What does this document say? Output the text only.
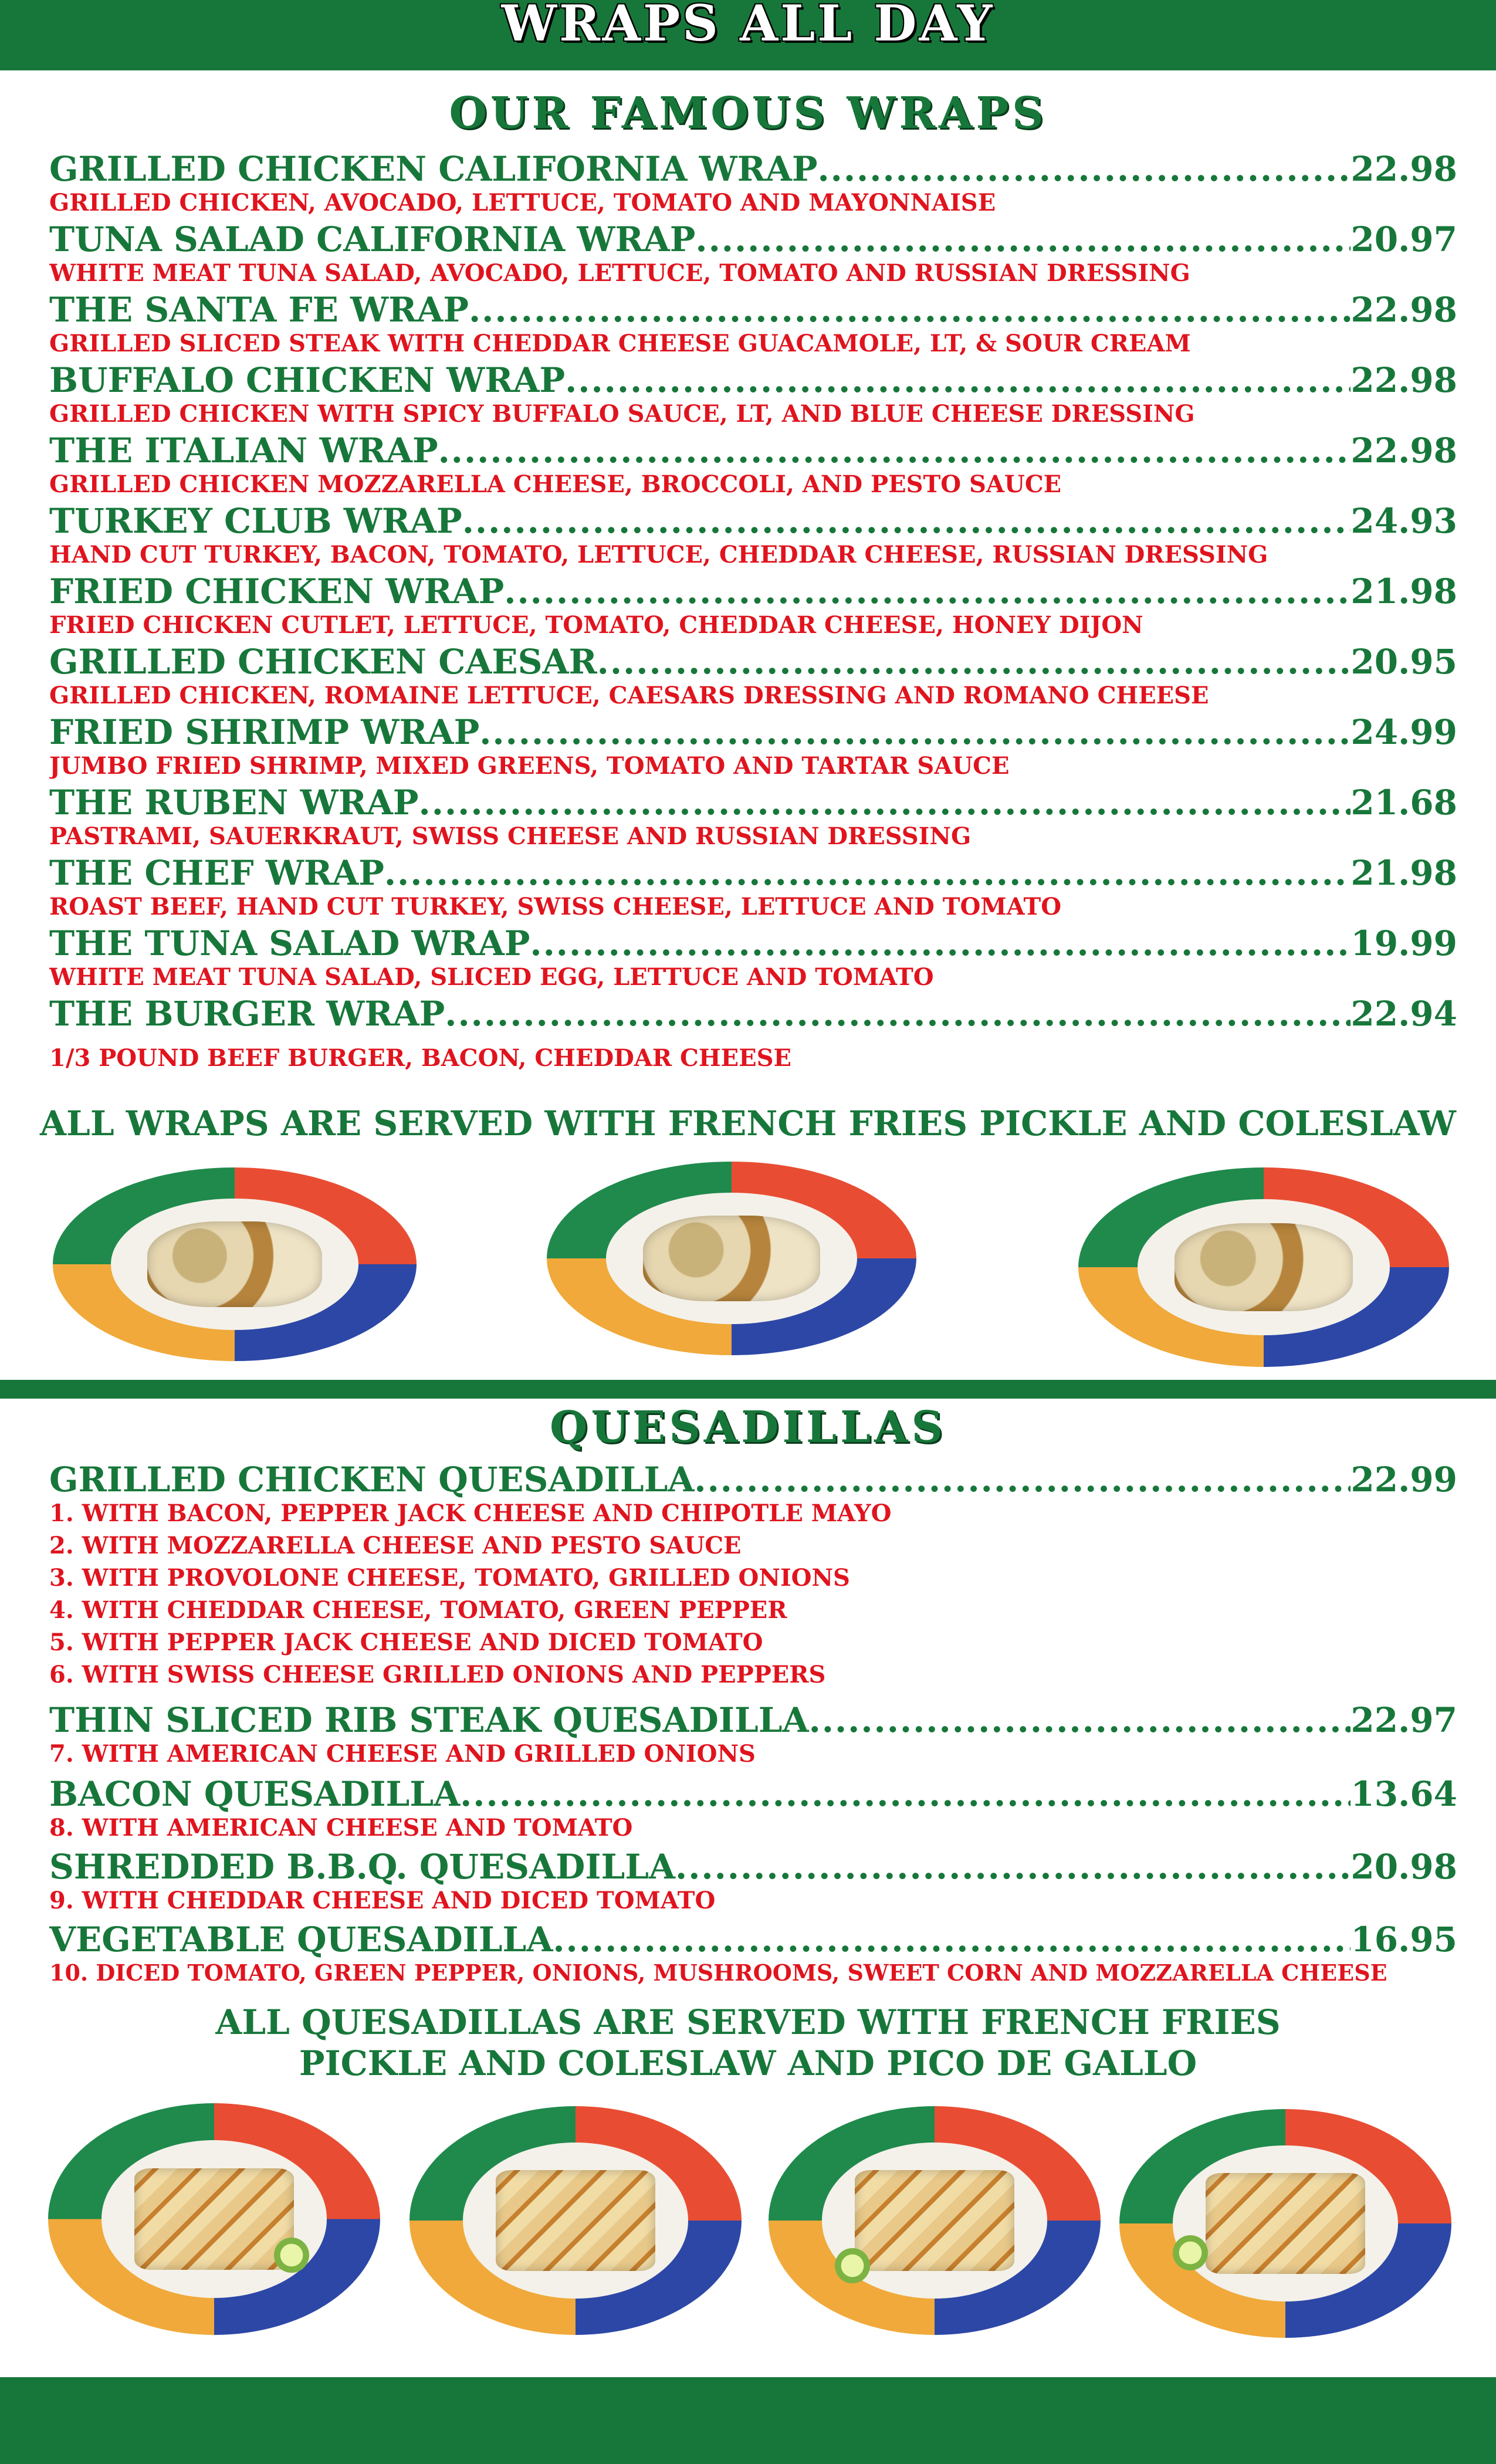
WRAPS ALL DAY
OUR FAMOUS WRAPS
GRILLED CHICKEN CALIFORNIA WRAP .....	22.98
GRILLED CHICKEN, AVOCADO, LETTUCE, TOMATO AND MAYONNAISE
TUNA SALAD CALIFORNIA WRAP .....	20.97
WHITE MEAT TUNA SALAD, AVOCADO, LETTUCE, TOMATO AND RUSSIAN DRESSING
THE SANTA FE WRAP .....	22.98
GRILLED SLICED STEAK WITH CHEDDAR CHEESE GUACAMOLE, LT, & SOUR CREAM
BUFFALO CHICKEN WRAP .....	22.98
GRILLED CHICKEN WITH SPICY BUFFALO SAUCE, LT, AND BLUE CHEESE DRESSING
THE ITALIAN WRAP .....	22.98
GRILLED CHICKEN MOZZARELLA CHEESE, BROCCOLI, AND PESTO SAUCE
TURKEY CLUB WRAP .....	24.93
HAND CUT TURKEY, BACON, TOMATO, LETTUCE, CHEDDAR CHEESE, RUSSIAN DRESSING
FRIED CHICKEN WRAP .....	21.98
FRIED CHICKEN CUTLET, LETTUCE, TOMATO, CHEDDAR CHEESE, HONEY DIJON
GRILLED CHICKEN CAESAR .....	20.95
GRILLED CHICKEN, ROMAINE LETTUCE, CAESARS DRESSING AND ROMANO CHEESE
FRIED SHRIMP WRAP .....	24.99
JUMBO FRIED SHRIMP, MIXED GREENS, TOMATO AND TARTAR SAUCE
THE RUBEN WRAP .....	21.68
PASTRAMI, SAUERKRAUT, SWISS CHEESE AND RUSSIAN DRESSING
THE CHEF WRAP .....	21.98
ROAST BEEF, HAND CUT TURKEY, SWISS CHEESE, LETTUCE AND TOMATO
THE TUNA SALAD WRAP .....	19.99
WHITE MEAT TUNA SALAD, SLICED EGG, LETTUCE AND TOMATO
THE BURGER WRAP .....	22.94
1/3 POUND BEEF BURGER, BACON, CHEDDAR CHEESE
ALL WRAPS ARE SERVED WITH FRENCH FRIES PICKLE AND COLESLAW
QUESADILLAS
GRILLED CHICKEN QUESADILLA .....	22.99
1. WITH BACON, PEPPER JACK CHEESE AND CHIPOTLE MAYO
2. WITH MOZZARELLA CHEESE AND PESTO SAUCE
3. WITH PROVOLONE CHEESE, TOMATO, GRILLED ONIONS
4. WITH CHEDDAR CHEESE, TOMATO, GREEN PEPPER
5. WITH PEPPER JACK CHEESE AND DICED TOMATO
6. WITH SWISS CHEESE GRILLED ONIONS AND PEPPERS
THIN SLICED RIB STEAK QUESADILLA .....	22.97
7. WITH AMERICAN CHEESE AND GRILLED ONIONS
BACON QUESADILLA .....	13.64
8. WITH AMERICAN CHEESE AND TOMATO
SHREDDED B.B.Q. QUESADILLA .....	20.98
9. WITH CHEDDAR CHEESE AND DICED TOMATO
VEGETABLE QUESADILLA .....	16.95
10. DICED TOMATO, GREEN PEPPER, ONIONS, MUSHROOMS, SWEET CORN AND MOZZARELLA CHEESE
ALL QUESADILLAS ARE SERVED WITH FRENCH FRIES
PICKLE AND COLESLAW AND PICO DE GALLO
